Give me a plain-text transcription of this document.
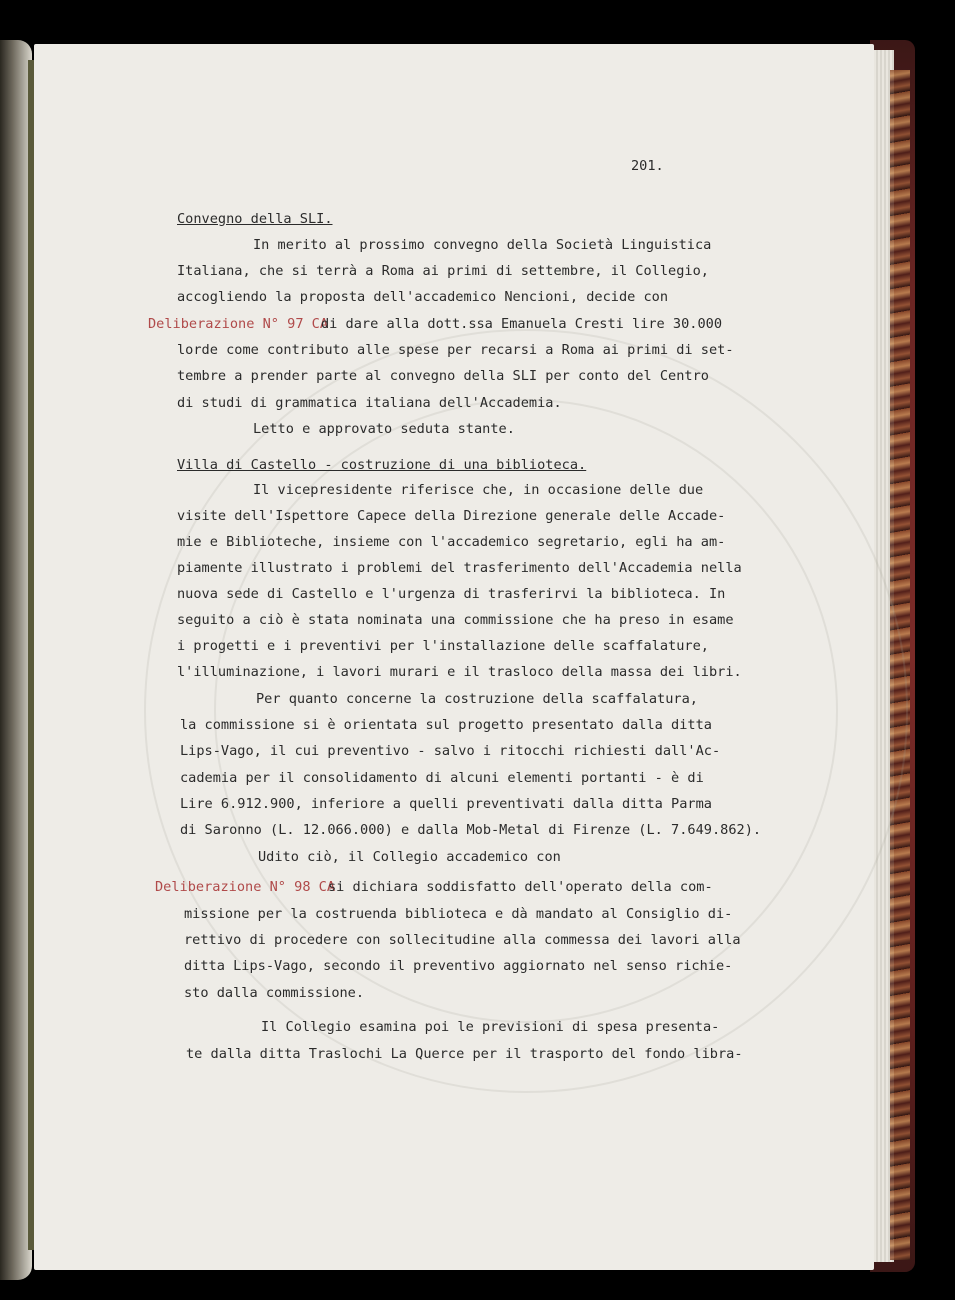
201.
Convegno della SLI.
In merito al prossimo convegno della Società Linguistica
Italiana, che si terrà a Roma ai primi di settembre, il Collegio,
accogliendo la proposta dell'accademico Nencioni, decide con
Deliberazione N° 97 CA
di dare alla dott.ssa Emanuela Cresti lire 30.000
lorde come contributo alle spese per recarsi a Roma ai primi di set-
tembre a prender parte al convegno della SLI per conto del Centro
di studi di grammatica italiana dell'Accademia.
Letto e approvato seduta stante.
Villa di Castello - costruzione di una biblioteca.
Il vicepresidente riferisce che, in occasione delle due
visite dell'Ispettore Capece della Direzione generale delle Accade-
mie e Biblioteche, insieme con l'accademico segretario, egli ha am-
piamente illustrato i problemi del trasferimento dell'Accademia nella
nuova sede di Castello e l'urgenza di trasferirvi la biblioteca. In
seguito a ciò è stata nominata una commissione che ha preso in esame
i progetti e i preventivi per l'installazione delle scaffalature,
l'illuminazione, i lavori murari e il trasloco della massa dei libri.
Per quanto concerne la costruzione della scaffalatura,
la commissione si è orientata sul progetto presentato dalla ditta
Lips-Vago, il cui preventivo - salvo i ritocchi richiesti dall'Ac-
cademia per il consolidamento di alcuni elementi portanti - è di
Lire 6.912.900, inferiore a quelli preventivati dalla ditta Parma
di Saronno (L. 12.066.000) e dalla Mob-Metal di Firenze (L. 7.649.862).
Udito ciò, il Collegio accademico con
Deliberazione N° 98 CA
si dichiara soddisfatto dell'operato della com-
missione per la costruenda biblioteca e dà mandato al Consiglio di-
rettivo di procedere con sollecitudine alla commessa dei lavori alla
ditta Lips-Vago, secondo il preventivo aggiornato nel senso richie-
sto dalla commissione.
Il Collegio esamina poi le previsioni di spesa presenta-
te dalla ditta Traslochi La Querce per il trasporto del fondo libra-
